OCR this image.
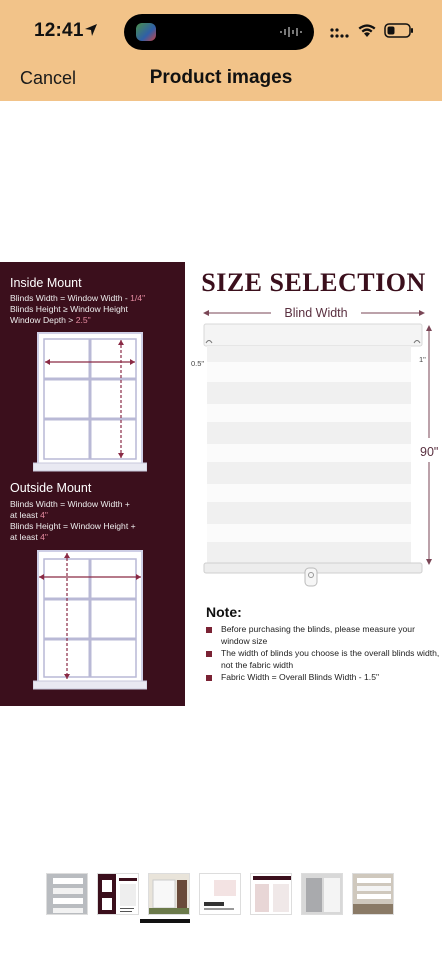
12:41
Cancel	Product images
Inside Mount
Blinds Width = Window Width - 1/4"
Blinds Height ≥ Window Height
Window Depth > 2.5"
Outside Mount
Blinds Width = Window Width +
at least 4"
Blinds Height = Window Height +
at least 4"
SIZE SELECTION
Blind Width
0.5"	1"
90"
Note:
Before purchasing the blinds, please measure your window size
The width of blinds you choose is the overall blinds width, not the fabric width
Fabric Width = Overall Blinds Width - 1.5"
